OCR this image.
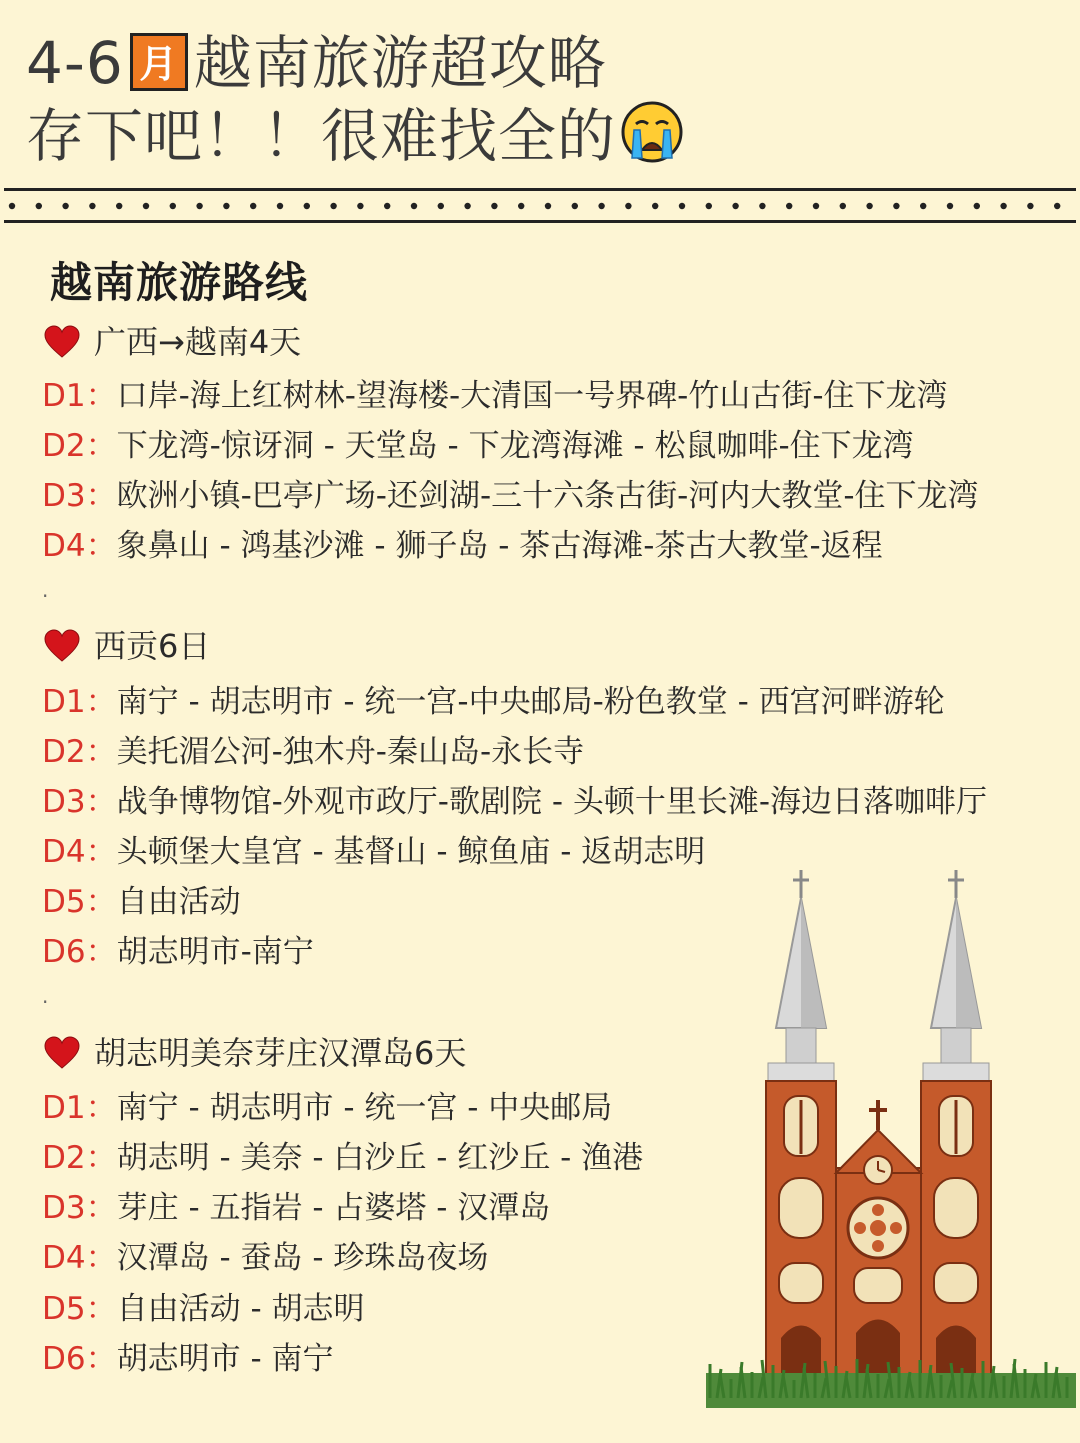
4-6 月 越南旅游超攻略
存下吧！！很难找全的
越南旅游路线
广西→越南4天
D1：口岸-海上红树林-望海楼-大清国一号界碑-竹山古街-住下龙湾
D2：下龙湾-惊讶洞 - 天堂岛 - 下龙湾海滩 - 松鼠咖啡-住下龙湾
D3：欧洲小镇-巴亭广场-还剑湖-三十六条古街-河内大教堂-住下龙湾
D4：象鼻山 - 鸿基沙滩 - 狮子岛 - 茶古海滩-茶古大教堂-返程
.
西贡6日
D1：南宁 - 胡志明市 - 统一宫-中央邮局-粉色教堂 - 西宫河畔游轮
D2：美托湄公河-独木舟-秦山岛-永长寺
D3：战争博物馆-外观市政厅-歌剧院 - 头顿十里长滩-海边日落咖啡厅
D4：头顿堡大皇宫 - 基督山 - 鲸鱼庙 - 返胡志明
D5：自由活动
D6：胡志明市-南宁
.
胡志明美奈芽庄汉潭岛6天
D1：南宁 - 胡志明市 - 统一宫 - 中央邮局
D2：胡志明 - 美奈 - 白沙丘 - 红沙丘 - 渔港
D3：芽庄 - 五指岩 - 占婆塔 - 汉潭岛
D4：汉潭岛 - 蚕岛 - 珍珠岛夜场
D5：自由活动 - 胡志明
D6：胡志明市 - 南宁
